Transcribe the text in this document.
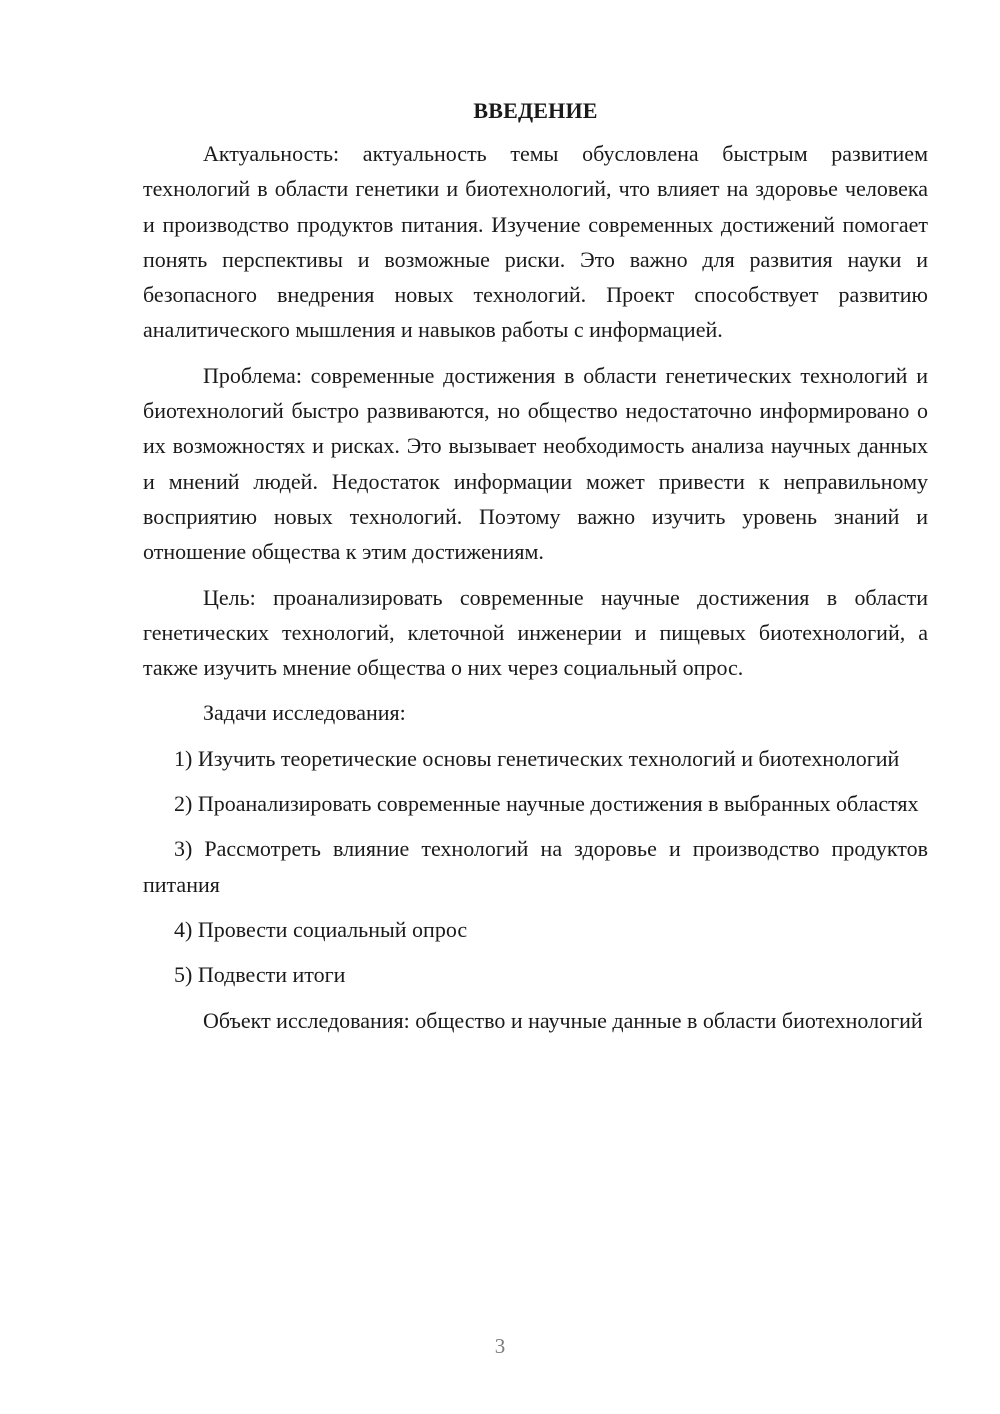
ВВЕДЕНИЕ

Актуальность: актуальность темы обусловлена быстрым развитием технологий в области генетики и биотехнологий, что влияет на здоровье человека и производство продуктов питания. Изучение современных достижений помогает понять перспективы и возможные риски. Это важно для развития науки и безопасного внедрения новых технологий. Проект способствует развитию аналитического мышления и навыков работы с информацией.

Проблема: современные достижения в области генетических технологий и биотехнологий быстро развиваются, но общество недостаточно информировано о их возможностях и рисках. Это вызывает необходимость анализа научных данных и мнений людей. Недостаток информации может привести к неправильному восприятию новых технологий. Поэтому важно изучить уровень знаний и отношение общества к этим достижениям.

Цель: проанализировать современные научные достижения в области генетических технологий, клеточной инженерии и пищевых биотехнологий, а также изучить мнение общества о них через социальный опрос.

Задачи исследования:

1) Изучить теоретические основы генетических технологий и биотехнологий

2) Проанализировать современные научные достижения в выбранных областях

3) Рассмотреть влияние технологий на здоровье и производство продуктов питания

4) Провести социальный опрос

5) Подвести итоги

Объект исследования: общество и научные данные в области биотехнологий

3
